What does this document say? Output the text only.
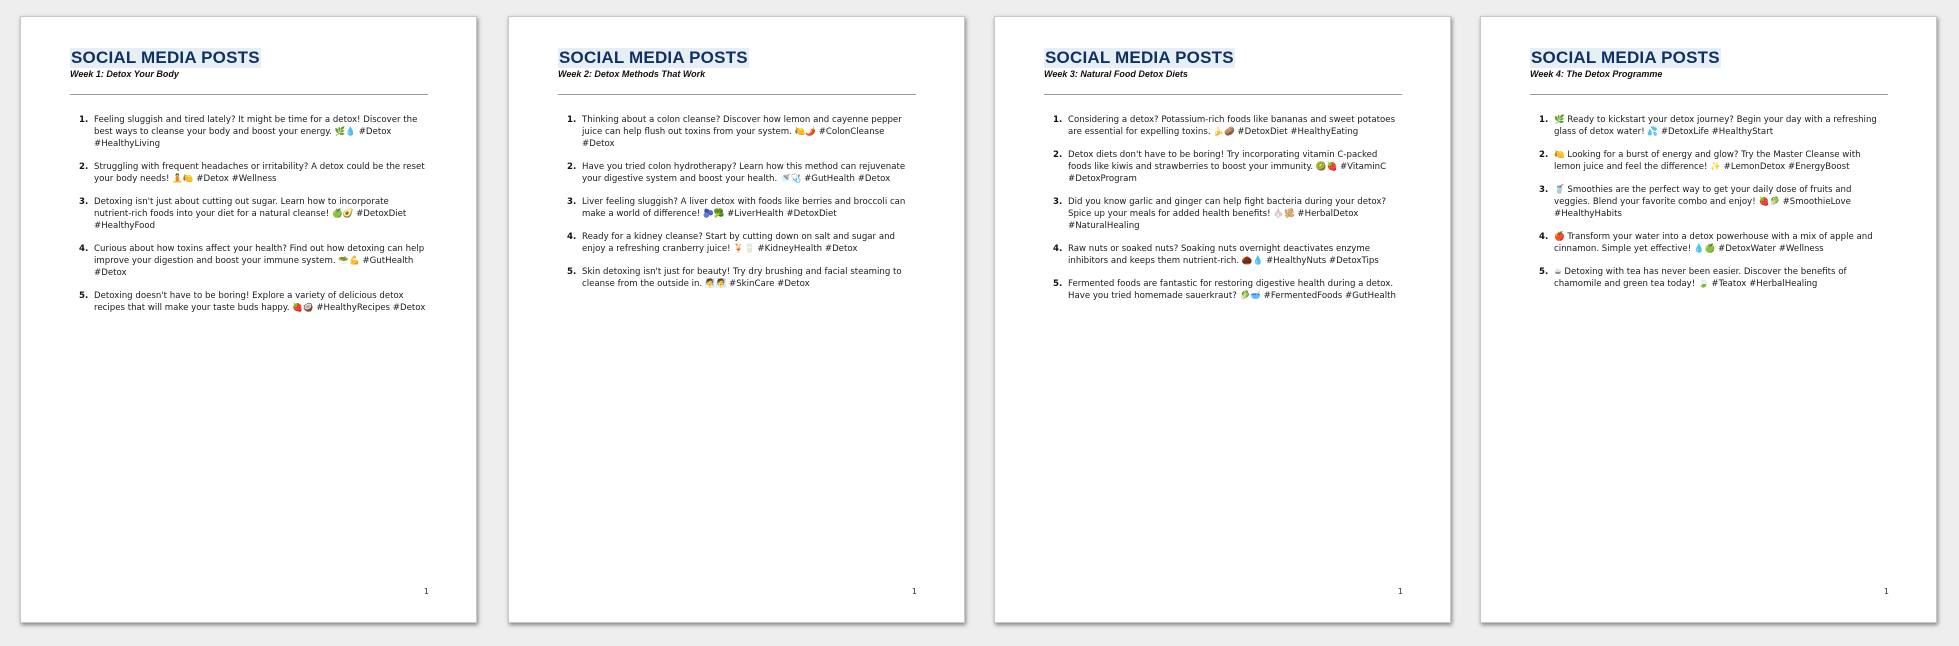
SOCIAL MEDIA POSTS
Week 1: Detox Your Body
1. Feeling sluggish and tired lately? It might be time for a detox! Discover the best ways to cleanse your body and boost your energy. 🌿💧 #Detox #HealthyLiving
2. Struggling with frequent headaches or irritability? A detox could be the reset your body needs! 🧘🍋 #Detox #Wellness
3. Detoxing isn't just about cutting out sugar. Learn how to incorporate nutrient-rich foods into your diet for a natural cleanse! 🍏🥑 #DetoxDiet #HealthyFood
4. Curious about how toxins affect your health? Find out how detoxing can help improve your digestion and boost your immune system. 🥗💪 #GutHealth #Detox
5. Detoxing doesn't have to be boring! Explore a variety of delicious detox recipes that will make your taste buds happy. 🍓🥥 #HealthyRecipes #Detox
1
SOCIAL MEDIA POSTS
Week 2: Detox Methods That Work
1. Thinking about a colon cleanse? Discover how lemon and cayenne pepper juice can help flush out toxins from your system. 🍋🌶️ #ColonCleanse #Detox
2. Have you tried colon hydrotherapy? Learn how this method can rejuvenate your digestive system and boost your health. 🚿🩺 #GutHealth #Detox
3. Liver feeling sluggish? A liver detox with foods like berries and broccoli can make a world of difference! 🫐🥦 #LiverHealth #DetoxDiet
4. Ready for a kidney cleanse? Start by cutting down on salt and sugar and enjoy a refreshing cranberry juice! 🍹🥛 #KidneyHealth #Detox
5. Skin detoxing isn't just for beauty! Try dry brushing and facial steaming to cleanse from the outside in. 🧖🧖 #SkinCare #Detox
1
SOCIAL MEDIA POSTS
Week 3: Natural Food Detox Diets
1. Considering a detox? Potassium-rich foods like bananas and sweet potatoes are essential for expelling toxins. 🍌🥔 #DetoxDiet #HealthyEating
2. Detox diets don't have to be boring! Try incorporating vitamin C-packed foods like kiwis and strawberries to boost your immunity. 🥝🍓 #VitaminC #DetoxProgram
3. Did you know garlic and ginger can help fight bacteria during your detox? Spice up your meals for added health benefits! 🧄🫚 #HerbalDetox #NaturalHealing
4. Raw nuts or soaked nuts? Soaking nuts overnight deactivates enzyme inhibitors and keeps them nutrient-rich. 🌰💧 #HealthyNuts #DetoxTips
5. Fermented foods are fantastic for restoring digestive health during a detox. Have you tried homemade sauerkraut? 🥬🥣 #FermentedFoods #GutHealth
1
SOCIAL MEDIA POSTS
Week 4: The Detox Programme
1. 🌿 Ready to kickstart your detox journey? Begin your day with a refreshing glass of detox water! 💦 #DetoxLife #HealthyStart
2. 🍋 Looking for a burst of energy and glow? Try the Master Cleanse with lemon juice and feel the difference! ✨ #LemonDetox #EnergyBoost
3. 🥤 Smoothies are the perfect way to get your daily dose of fruits and veggies. Blend your favorite combo and enjoy! 🍓🥬 #SmoothieLove #HealthyHabits
4. 🍎 Transform your water into a detox powerhouse with a mix of apple and cinnamon. Simple yet effective! 💧🍏 #DetoxWater #Wellness
5. ☕ Detoxing with tea has never been easier. Discover the benefits of chamomile and green tea today! 🍃 #Teatox #HerbalHealing
1
